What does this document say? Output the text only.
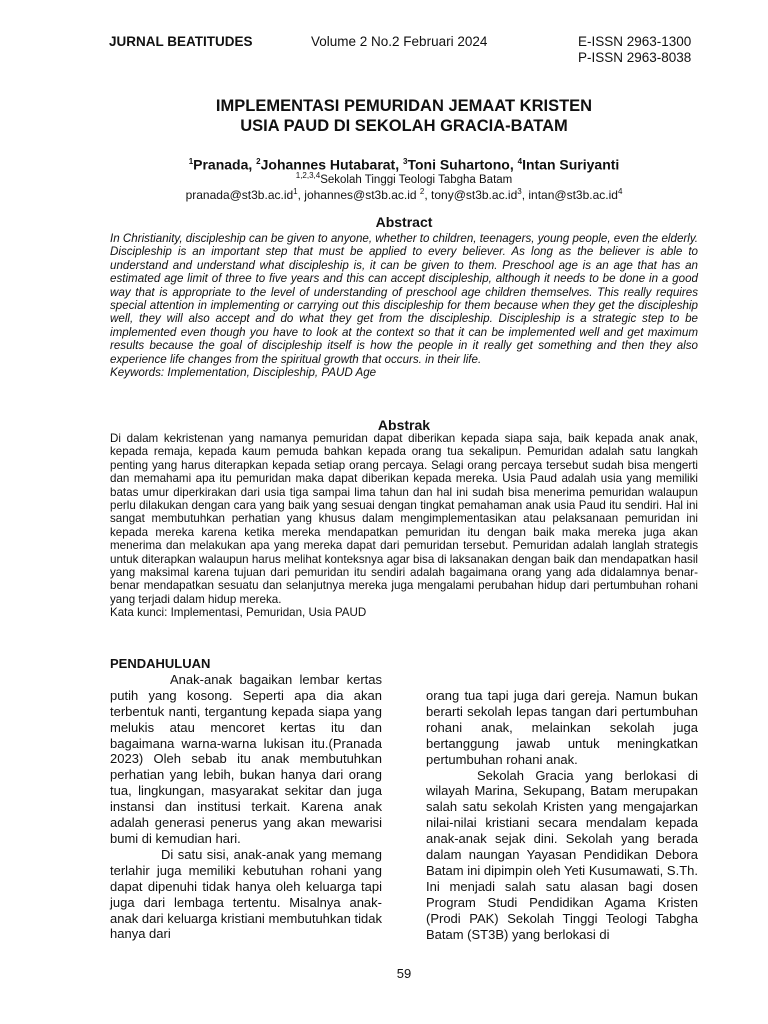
JURNAL BEATITUDES	Volume 2 No.2 Februari 2024	E-ISSN 2963-1300
P-ISSN 2963-8038
IMPLEMENTASI PEMURIDAN JEMAAT KRISTEN
USIA PAUD DI SEKOLAH GRACIA-BATAM
$^1$Pranada, $^2$Johannes Hutabarat, $^3$Toni Suhartono, $^4$Intan Suriyanti
$^{1,2,3,4}$Sekolah Tinggi Teologi Tabgha Batam
$pranada@st3b.ac.id^1$, johannes@st3b.ac.id $^2$, $tony@st3b.ac.id^3$, $intan@st3b.ac.id^4$
Abstract

In Christianity, discipleship can be given to anyone, whether to children, teenagers, young people, even the elderly. Discipleship is an important step that must be applied to every believer. As long as the believer is able to understand and understand what discipleship is, it can be given to them. Preschool age is an age that has an estimated age limit of three to five years and this can accept discipleship, although it needs to be done in a good way that is appropriate to the level of understanding of preschool age children themselves. This really requires special attention in implementing or carrying out this discipleship for them because when they get the discipleship well, they will also accept and do what they get from the discipleship. Discipleship is a strategic step to be implemented even though you have to look at the context so that it can be implemented well and get maximum results because the goal of discipleship itself is how the people in it really get something and then they also experience life changes from the spiritual growth that occurs. in their life.

Keywords: Implementation, Discipleship, PAUD Age

Abstrak

Di dalam kekristenan yang namanya pemuridan dapat diberikan kepada siapa saja, baik kepada anak anak, kepada remaja, kepada kaum pemuda bahkan kepada orang tua sekalipun. Pemuridan adalah satu langkah penting yang harus diterapkan kepada setiap orang percaya. Selagi orang percaya tersebut sudah bisa mengerti dan memahami apa itu pemuridan maka dapat diberikan kepada mereka. Usia Paud adalah usia yang memiliki batas umur diperkirakan dari usia tiga sampai lima tahun dan hal ini sudah bisa menerima pemuridan walaupun perlu dilakukan dengan cara yang baik yang sesuai dengan tingkat pemahaman anak usia Paud itu sendiri. Hal ini sangat membutuhkan perhatian yang khusus dalam mengimplementasikan atau pelaksanaan pemuridan ini kepada mereka karena ketika mereka mendapatkan pemuridan itu dengan baik maka mereka juga akan menerima dan melakukan apa yang mereka dapat dari pemuridan tersebut. Pemuridan adalah langlah strategis untuk diterapkan walaupun harus melihat konteksnya agar bisa di laksanakan dengan baik dan mendapatkan hasil yang maksimal karena tujuan dari pemuridan itu sendiri adalah bagaimana orang yang ada didalamnya benar-benar mendapatkan sesuatu dan selanjutnya mereka juga mengalami perubahan hidup dari pertumbuhan rohani yang terjadi dalam hidup mereka.

Kata kunci: Implementasi, Pemuridan, Usia PAUD

PENDAHULUAN

Anak-anak bagaikan lembar kertas putih yang kosong. Seperti apa dia akan terbentuk nanti, tergantung kepada siapa yang melukis atau mencoret kertas itu dan bagaimana warna-warna lukisan itu.(Pranada 2023) Oleh sebab itu anak membutuhkan perhatian yang lebih, bukan hanya dari orang tua, lingkungan, masyarakat sekitar dan juga instansi dan institusi terkait. Karena anak adalah generasi penerus yang akan mewarisi bumi di kemudian hari.

Di satu sisi, anak-anak yang memang terlahir juga memiliki kebutuhan rohani yang dapat dipenuhi tidak hanya oleh keluarga tapi juga dari lembaga tertentu. Misalnya anak-anak dari keluarga kristiani membutuhkan tidak hanya dari

orang tua tapi juga dari gereja. Namun bukan berarti sekolah lepas tangan dari pertumbuhan rohani anak, melainkan sekolah juga bertanggung jawab untuk meningkatkan pertumbuhan rohani anak.

Sekolah Gracia yang berlokasi di wilayah Marina, Sekupang, Batam merupakan salah satu sekolah Kristen yang mengajarkan nilai-nilai kristiani secara mendalam kepada anak-anak sejak dini. Sekolah yang berada dalam naungan Yayasan Pendidikan Debora Batam ini dipimpin oleh Yeti Kusumawati, S.Th. Ini menjadi salah satu alasan bagi dosen Program Studi Pendidikan Agama Kristen (Prodi PAK) Sekolah Tinggi Teologi Tabgha Batam (ST3B) yang berlokasi di

59
